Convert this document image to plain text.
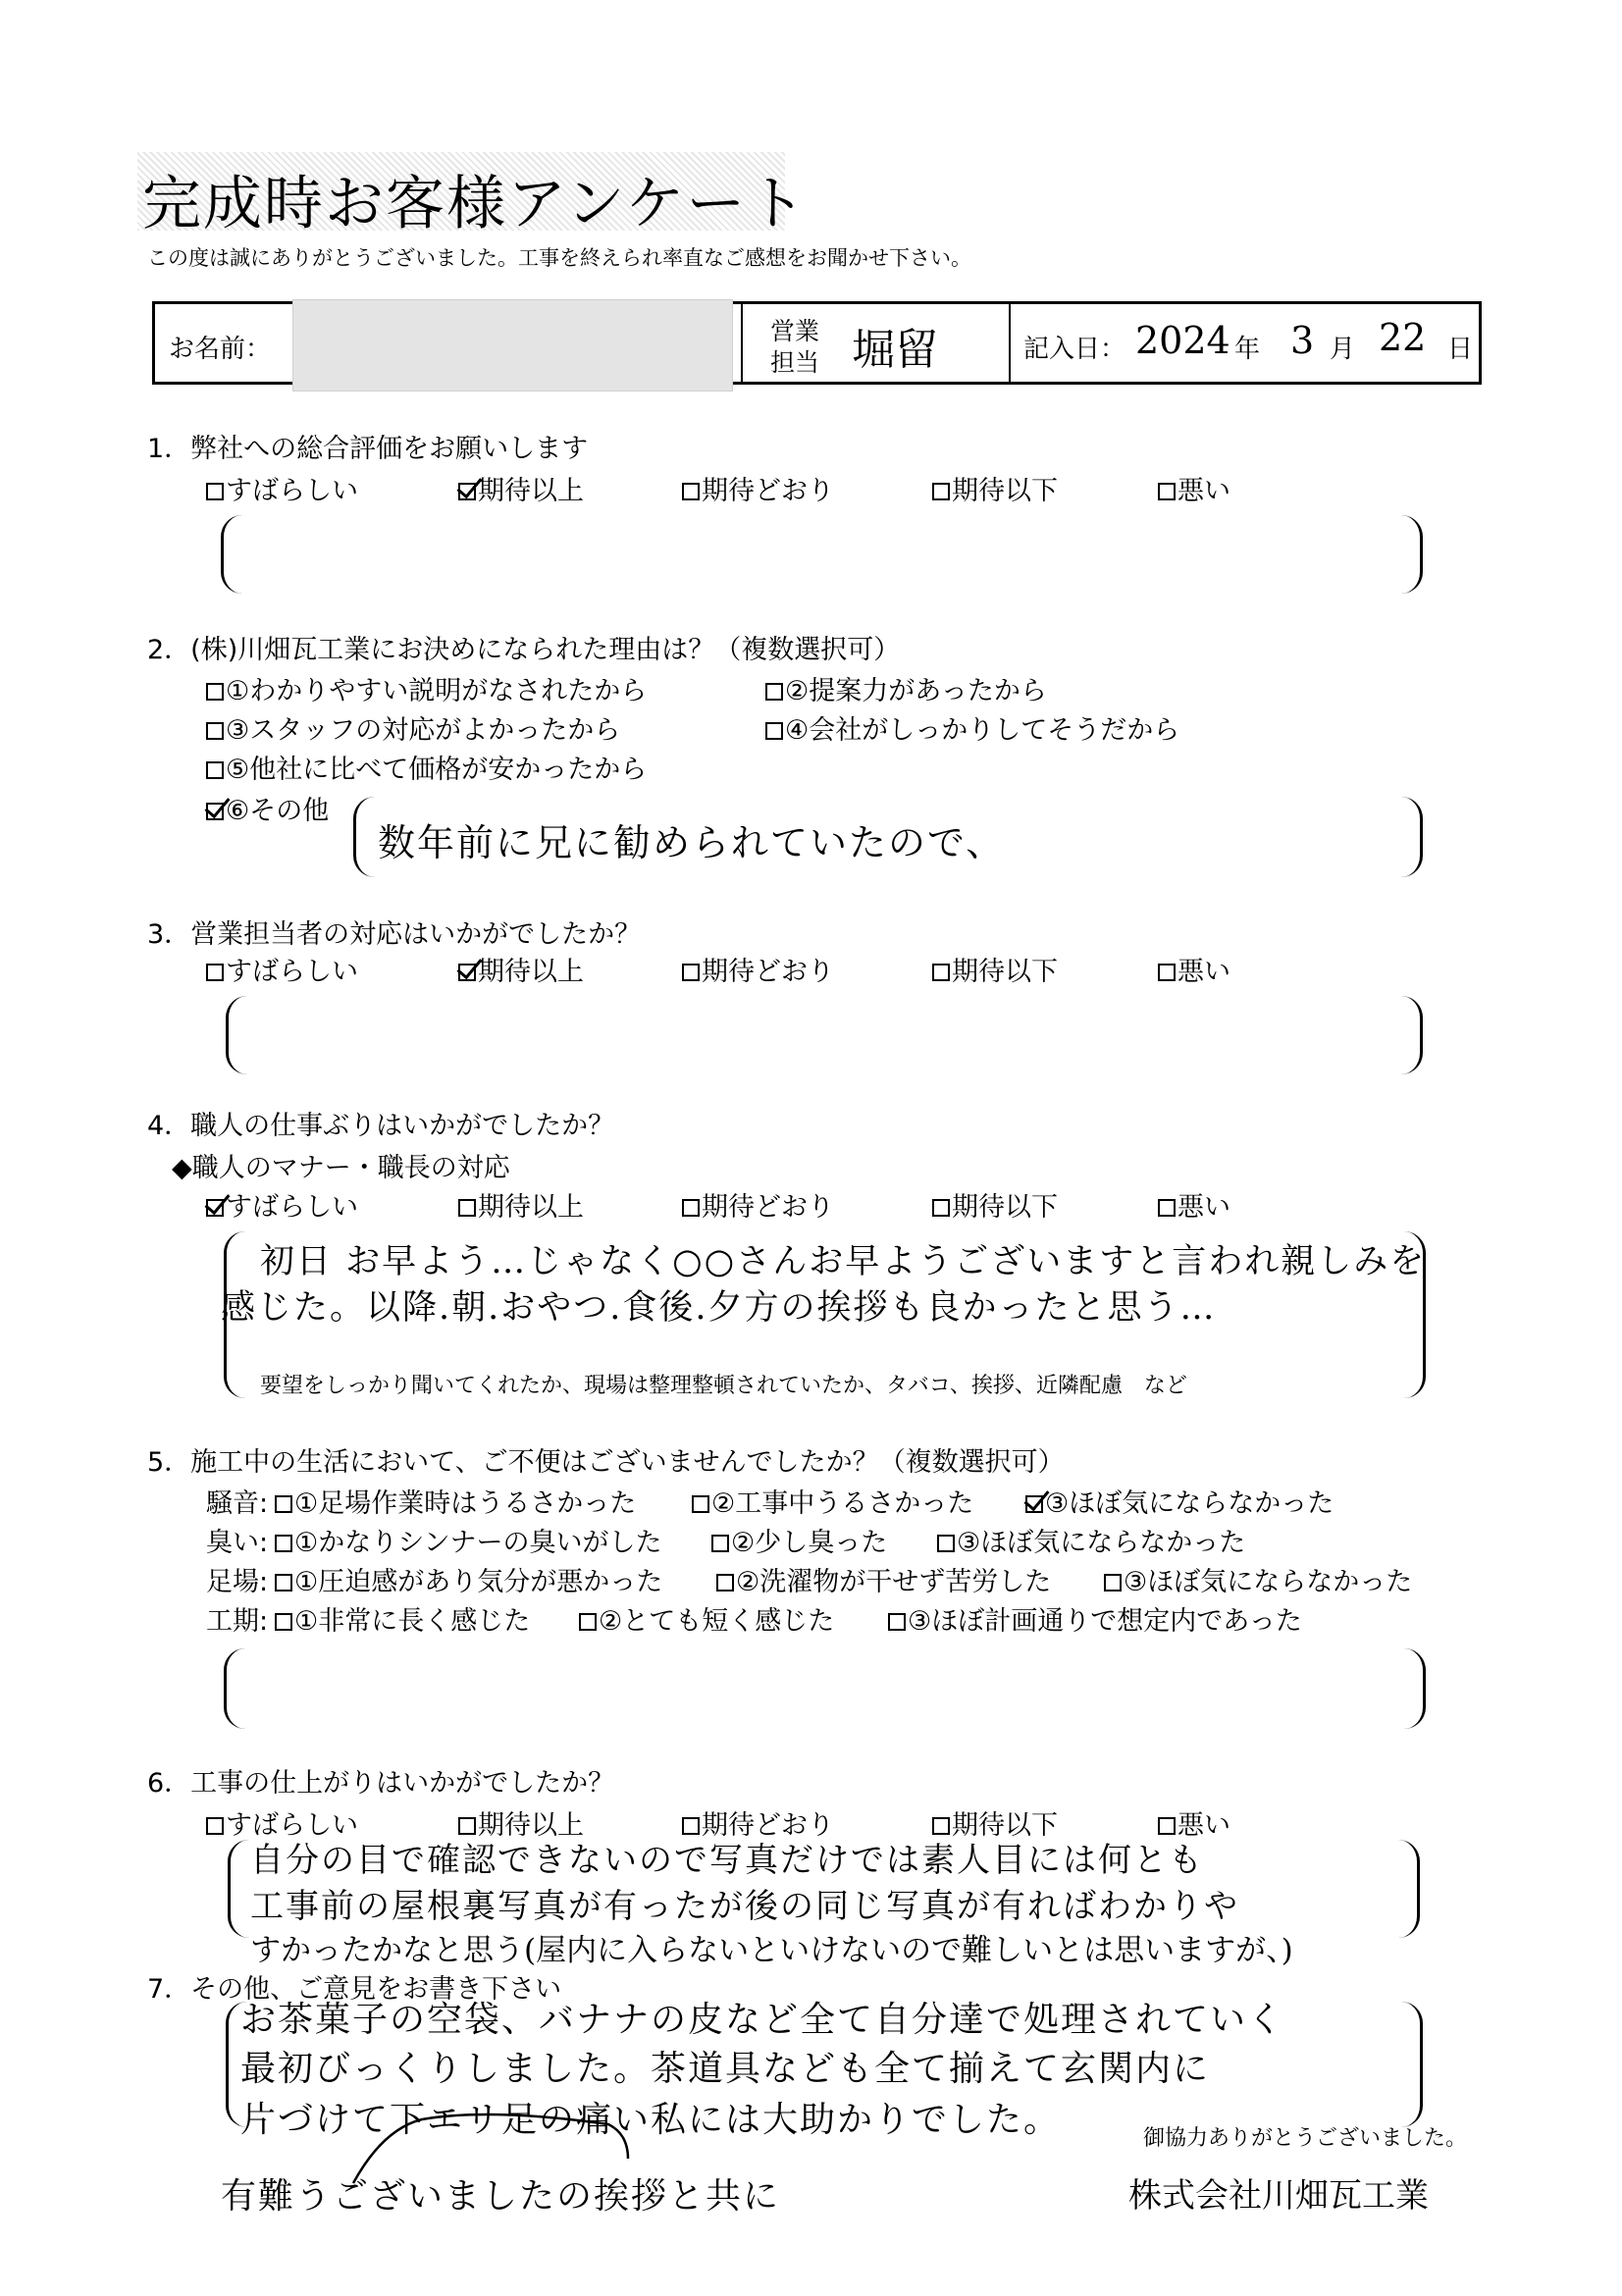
完成時お客様アンケート
この度は誠にありがとうございました。工事を終えられ率直なご感想をお聞かせ下さい。
お名前：
営業
担当 堀留	記入日： 2024 年 3 月 22 日
1．弊社への総合評価をお願いします
すばらしい	期待以上	期待どおり	期待以下	悪い
2．(株)川畑瓦工業にお決めになられた理由は？（複数選択可）
①わかりやすい説明がなされたから	②提案力があったから
③スタッフの対応がよかったから	④会社がしっかりしてそうだから
⑤他社に比べて価格が安かったから
⑥その他
数年前に兄に勧められていたので、
3．営業担当者の対応はいかがでしたか？
すばらしい	期待以上	期待どおり	期待以下	悪い
4．職人の仕事ぶりはいかがでしたか？
◆職人のマナー・職長の対応
すばらしい	期待以上	期待どおり	期待以下	悪い
初日 お早よう…じゃなく○○さんお早ようございますと言われ親しみを
感じた。以降.朝.おやつ.食後.夕方の挨拶も良かったと思う…
要望をしっかり聞いてくれたか、現場は整理整頓されていたか、タバコ、挨拶、近隣配慮　など
5．施工中の生活において、ご不便はございませんでしたか？（複数選択可）
騒音: ①足場作業時はうるさかった	②工事中うるさかった	③ほぼ気にならなかった
臭い: ①かなりシンナーの臭いがした	②少し臭った	③ほぼ気にならなかった
足場: ①圧迫感があり気分が悪かった	②洗濯物が干せず苦労した	③ほぼ気にならなかった
工期: ①非常に長く感じた	②とても短く感じた	③ほぼ計画通りで想定内であった
6．工事の仕上がりはいかがでしたか？
すばらしい	期待以上	期待どおり	期待以下	悪い
自分の目で確認できないので写真だけでは素人目には何とも
工事前の屋根裏写真が有ったが後の同じ写真が有ればわかりや
すかったかなと思う(屋内に入らないといけないので難しいとは思いますが、)
7．その他、ご意見をお書き下さい
お茶菓子の空袋、バナナの皮など全て自分達で処理されていく
最初びっくりしました。茶道具なども全て揃えて玄関内に
片づけて下エリ足の痛い私には大助かりでした。
有難うございましたの挨拶と共に
御協力ありがとうございました。
株式会社川畑瓦工業
